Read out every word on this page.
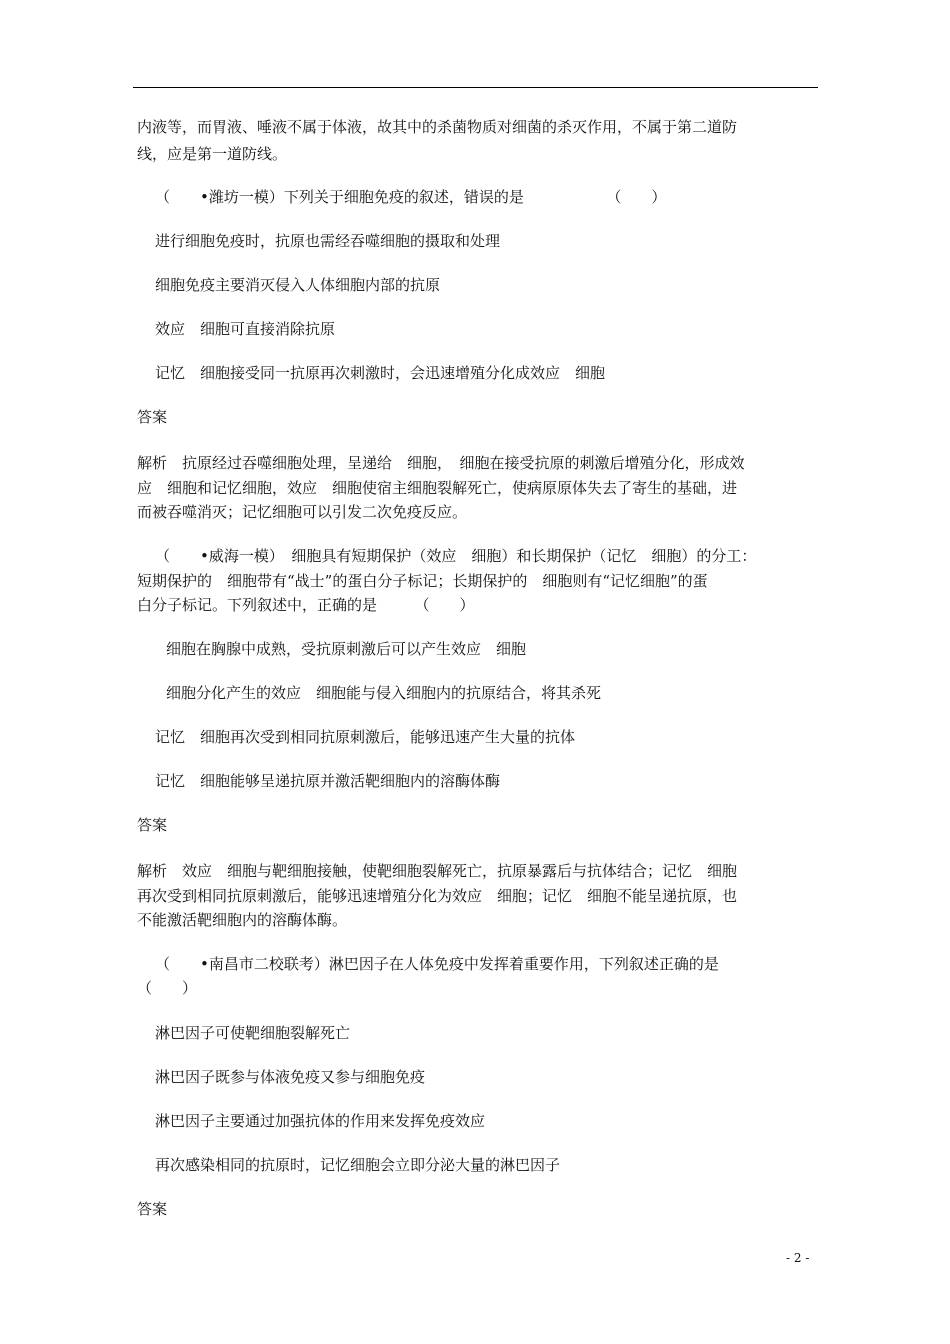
内液等，而胃液、唾液不属于体液，故其中的杀菌物质对细菌的杀灭作用，不属于第二道防
线，应是第一道防线。
（　　•潍坊一模）下列关于细胞免疫的叙述，错误的是　　　　　　（　　）
进行细胞免疫时，抗原也需经吞噬细胞的摄取和处理
细胞免疫主要消灭侵入人体细胞内部的抗原
效应　细胞可直接消除抗原
记忆　细胞接受同一抗原再次刺激时，会迅速增殖分化成效应　细胞
答案
解析　抗原经过吞噬细胞处理，呈递给　细胞，　细胞在接受抗原的刺激后增殖分化，形成效
应　细胞和记忆细胞，效应　细胞使宿主细胞裂解死亡，使病原原体失去了寄生的基础，进
而被吞噬消灭；记忆细胞可以引发二次免疫反应。
（　　•威海一模）　细胞具有短期保护（效应　细胞）和长期保护（记忆　细胞）的分工：
短期保护的　细胞带有“战士”的蛋白分子标记；长期保护的　细胞则有“记忆细胞”的蛋
白分子标记。下列叙述中，正确的是　　　（　　）
细胞在胸腺中成熟，受抗原刺激后可以产生效应　细胞
细胞分化产生的效应　细胞能与侵入细胞内的抗原结合，将其杀死
记忆　细胞再次受到相同抗原刺激后，能够迅速产生大量的抗体
记忆　细胞能够呈递抗原并激活靶细胞内的溶酶体酶
答案
解析　效应　细胞与靶细胞接触，使靶细胞裂解死亡，抗原暴露后与抗体结合；记忆　细胞
再次受到相同抗原刺激后，能够迅速增殖分化为效应　细胞；记忆　细胞不能呈递抗原，也
不能激活靶细胞内的溶酶体酶。
（　　•南昌市二校联考）淋巴因子在人体免疫中发挥着重要作用，下列叙述正确的是
（　　）
淋巴因子可使靶细胞裂解死亡
淋巴因子既参与体液免疫又参与细胞免疫
淋巴因子主要通过加强抗体的作用来发挥免疫效应
再次感染相同的抗原时，记忆细胞会立即分泌大量的淋巴因子
答案
- 2 -
